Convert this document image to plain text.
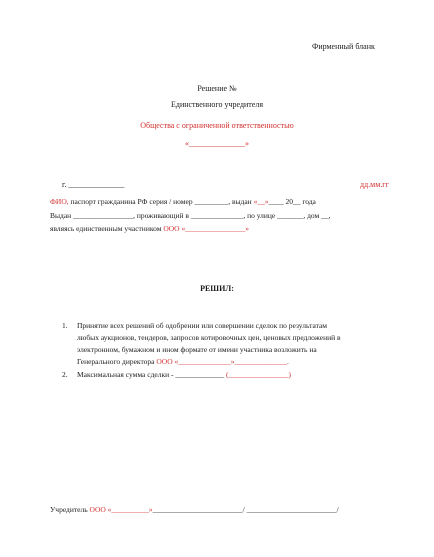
Фирменный бланк
Решение №
Единственного учредителя
Общества с ограниченной ответственностью
«______________»
г. ______________	дд.мм.гг
ФИО, паспорт гражданина РФ серия / номер _________, выдан «__»____ 20__ года
Выдан ________________, проживающий в ______________, по улице _______, дом __,
являясь единственным участником ООО «________________»
РЕШИЛ:
1. Принятие всех решений об одобрении или совершении сделок по результатам
любых аукционов, тендеров, запросов котировочных цен, ценовых предложений в
электронном, бумажном и ином формате от имени участника возложить на
Генерального директора ООО «______________»______________.
2. Максимальная сумма сделки - _____________ (________________)
Учредитель ООО «__________»________________________/ ________________________/
